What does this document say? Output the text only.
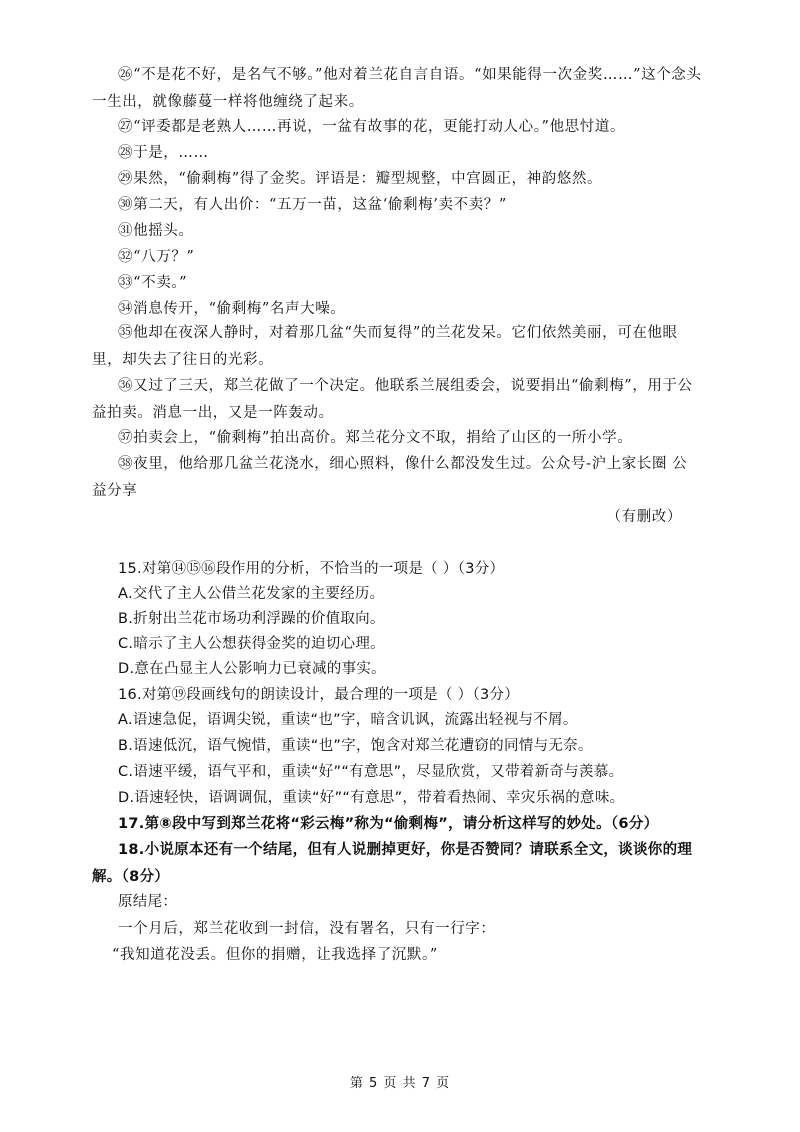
㉖“不是花不好，是名气不够。”他对着兰花自言自语。“如果能得一次金奖……”这个念头一生出，就像藤蔓一样将他缠绕了起来。
㉗“评委都是老熟人……再说，一盆有故事的花，更能打动人心。”他思忖道。
㉘于是，……
㉙果然，“偷剩梅”得了金奖。评语是：瓣型规整，中宫圆正，神韵悠然。
㉚第二天，有人出价：“五万一苗，这盆‘偷剩梅’卖不卖？”
㉛他摇头。
㉜“八万？”
㉝“不卖。”
㉞消息传开，“偷剩梅”名声大噪。
㉟他却在夜深人静时，对着那几盆“失而复得”的兰花发呆。它们依然美丽，可在他眼里，却失去了往日的光彩。
㊱又过了三天，郑兰花做了一个决定。他联系兰展组委会，说要捐出“偷剩梅”，用于公益拍卖。消息一出，又是一阵轰动。
㊲拍卖会上，“偷剩梅”拍出高价。郑兰花分文不取，捐给了山区的一所小学。
㊳夜里，他给那几盆兰花浇水，细心照料，像什么都没发生过。公众号-沪上家长圈 公益分享
（有删改）
15.对第⑭⑮⑯段作用的分析，不恰当的一项是（ ）（3分）
A.交代了主人公借兰花发家的主要经历。
B.折射出兰花市场功利浮躁的价值取向。
C.暗示了主人公想获得金奖的迫切心理。
D.意在凸显主人公影响力已衰减的事实。
16.对第⑲段画线句的朗读设计，最合理的一项是（ ）（3分）
A.语速急促，语调尖锐，重读“也”字，暗含讥讽，流露出轻视与不屑。
B.语速低沉，语气惋惜，重读“也”字，饱含对郑兰花遭窃的同情与无奈。
C.语速平缓，语气平和，重读“好”“有意思”，尽显欣赏，又带着新奇与羡慕。
D.语速轻快，语调调侃，重读“好”“有意思”，带着看热闹、幸灾乐祸的意味。
17.第⑧段中写到郑兰花将“彩云梅”称为“偷剩梅”，请分析这样写的妙处。（6分）
18.小说原本还有一个结尾，但有人说删掉更好，你是否赞同？请联系全文，谈谈你的理解。（8分）
原结尾：
一个月后，郑兰花收到一封信，没有署名，只有一行字：
“我知道花没丢。但你的捐赠，让我选择了沉默。”
第 5 页 共 7 页
